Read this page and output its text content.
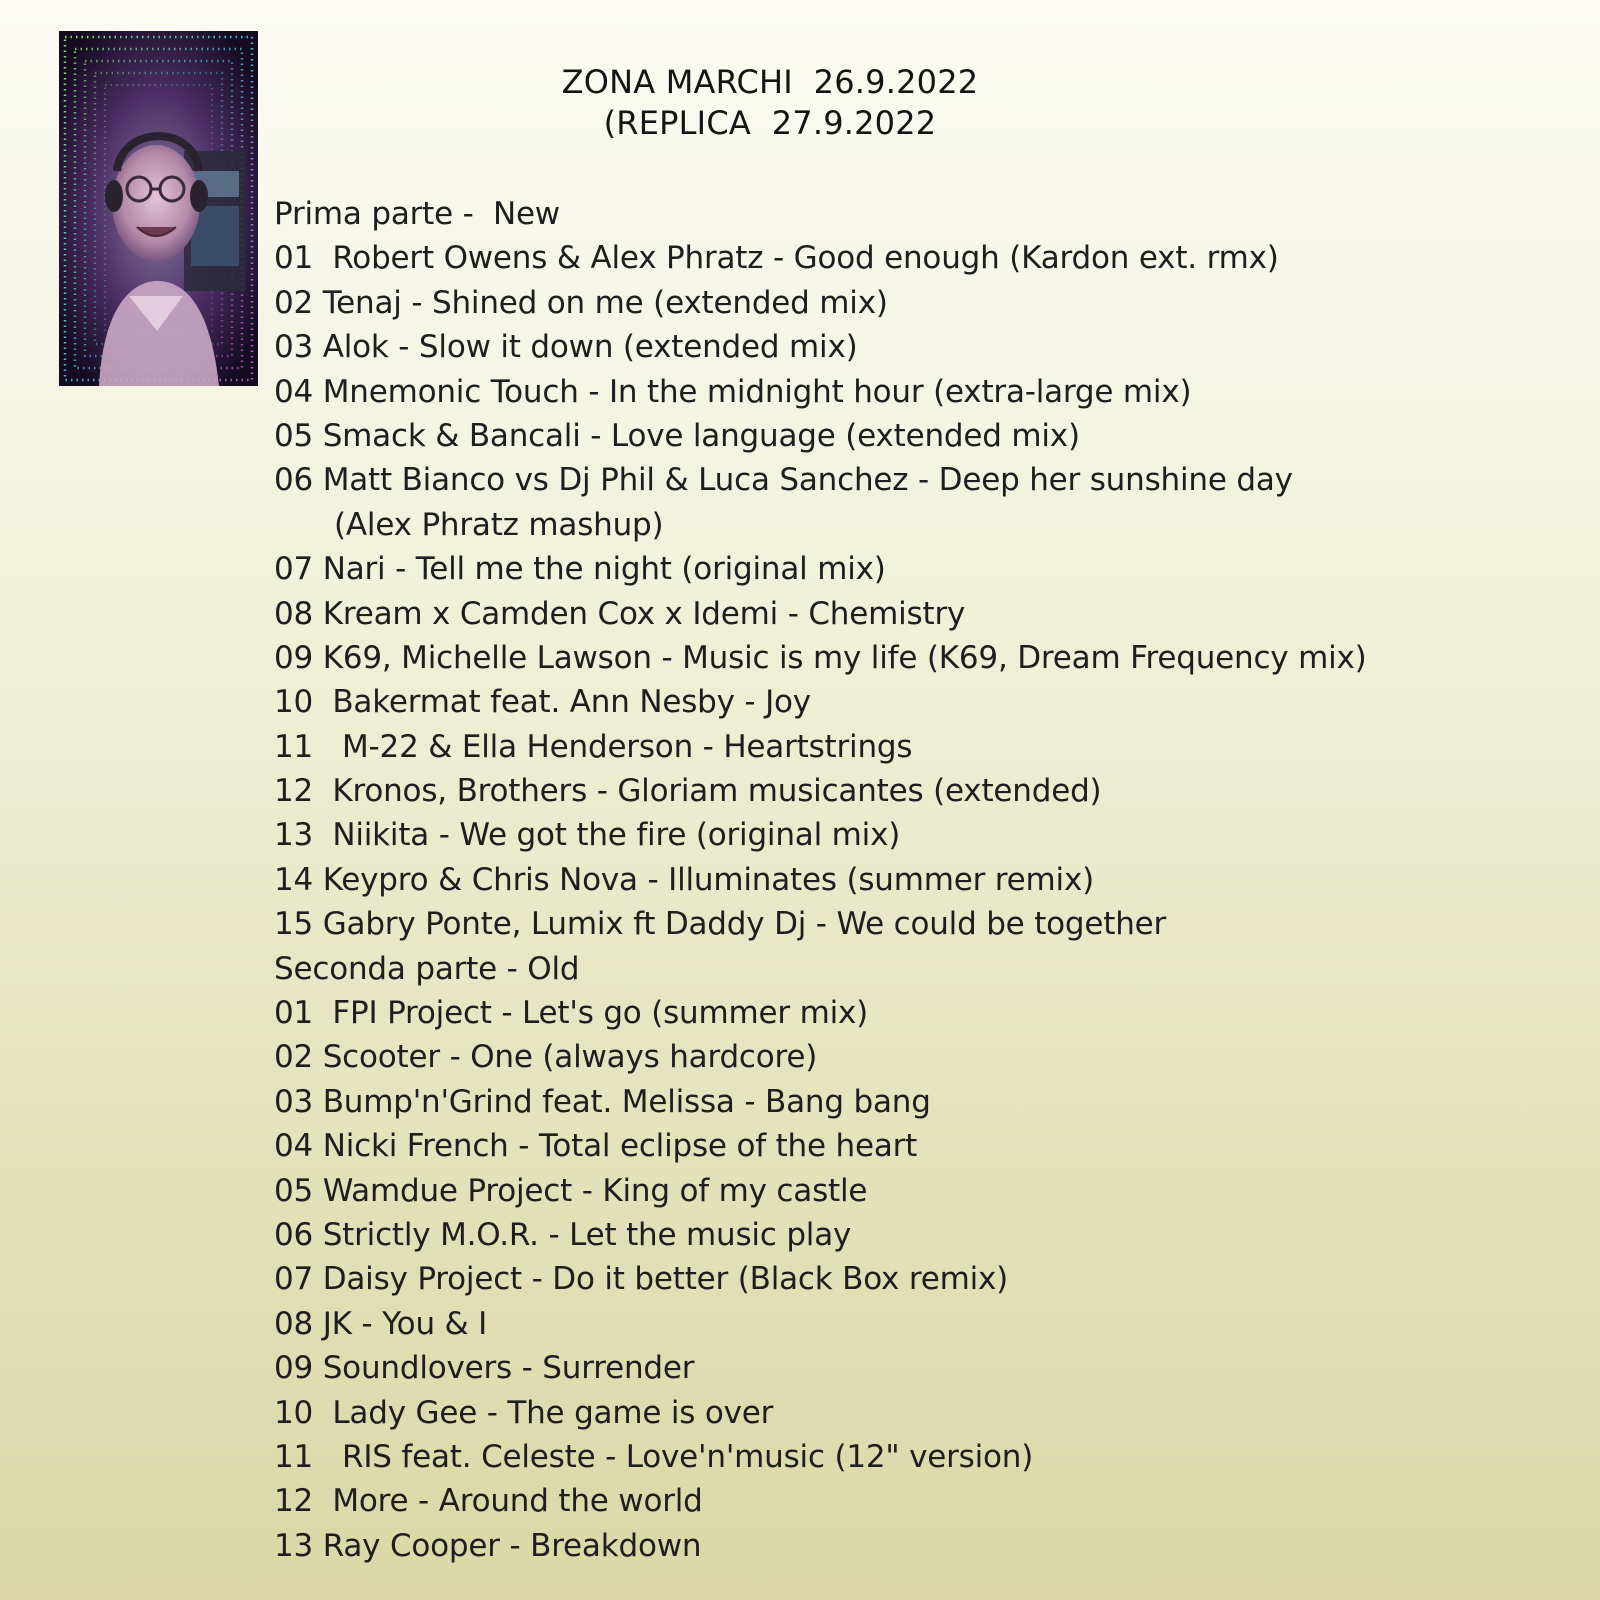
ZONA MARCHI  26.9.2022
(REPLICA  27.9.2022
Prima parte -  New
01  Robert Owens & Alex Phratz - Good enough (Kardon ext. rmx)
02 Tenaj - Shined on me (extended mix)
03 Alok - Slow it down (extended mix)
04 Mnemonic Touch - In the midnight hour (extra-large mix)
05 Smack & Bancali - Love language (extended mix)
06 Matt Bianco vs Dj Phil & Luca Sanchez - Deep her sunshine day
(Alex Phratz mashup)
07 Nari - Tell me the night (original mix)
08 Kream x Camden Cox x Idemi - Chemistry
09 K69, Michelle Lawson - Music is my life (K69, Dream Frequency mix)
10  Bakermat feat. Ann Nesby - Joy
11   M-22 & Ella Henderson - Heartstrings
12  Kronos, Brothers - Gloriam musicantes (extended)
13  Niikita - We got the fire (original mix)
14 Keypro & Chris Nova - Illuminates (summer remix)
15 Gabry Ponte, Lumix ft Daddy Dj - We could be together
Seconda parte - Old
01  FPI Project - Let's go (summer mix)
02 Scooter - One (always hardcore)
03 Bump'n'Grind feat. Melissa - Bang bang
04 Nicki French - Total eclipse of the heart
05 Wamdue Project - King of my castle
06 Strictly M.O.R. - Let the music play
07 Daisy Project - Do it better (Black Box remix)
08 JK - You & I
09 Soundlovers - Surrender
10  Lady Gee - The game is over
11   RIS feat. Celeste - Love'n'music (12" version)
12  More - Around the world
13 Ray Cooper - Breakdown
